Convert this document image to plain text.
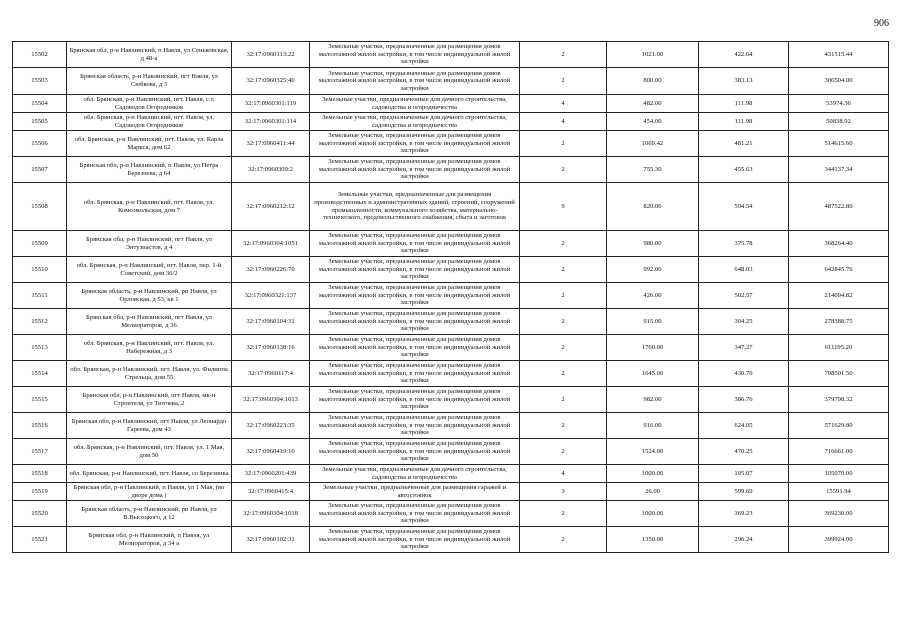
906
15502	Брянская обл, р-н Навлинский, п Навля, ул Сеньковская, д 48-а	32:17:0960113:22	Земельные участки, предназначенные для размещения домов малоэтажной жилой застройки, в том числе индивидуальной жилой застройки	2	1021.00	422.64	431515.44
15503	Брянская область, р-н Навлинский, пгт Навля, ул Сюбкова, д 3	32:17:0960325:40	Земельные участки, предназначенные для размещения домов малоэтажной жилой застройки, в том числе индивидуальной жилой застройки	2	800.00	383.13	306504.00
15504	обл. Брянская, р-н Навлинский, пгт. Навля, с.т. Садоводов Огородников	32:17:0960301:119	Земельные участки, предназначенные для дачного строительства, садоводства и огородничества	4	482.00	111.98	53974.36
15505	обл. Брянская, р-н Навлинский, пгт. Навля, ул. Садоводов Огородников	32:17:0960301:114	Земельные участки, предназначенные для дачного строительства, садоводства и огородничества	4	454.00	111.98	50838.92
15506	обл. Брянская, р-н Навлинский, пгт. Навля, ул. Карла Маркса, дом 62	32:17:0960411:44	Земельные участки, предназначенные для размещения домов малоэтажной жилой застройки, в том числе индивидуальной жилой застройки	2	1069.42	481.21	514615.60
15507	Брянская обл, р-н Навлинский, п Навля, ул Петра Березнева, д 64	32:17:0960309:2	Земельные участки, предназначенные для размещения домов малоэтажной жилой застройки, в том числе индивидуальной жилой застройки	2	755.30	455.63	344137.34
15508	обл. Брянская, р-н Навлинский, пгт. Навля, ул. Комсомольская, дом 7	32:17:0960212:12	Земельные участки, предназначенные для размещения производственных и административных зданий, строений, сооружений промышленности, коммунального хозяйства, материально-технического, продовольственного снабжения, сбыта и заготовок	9	820.00	594.54	487522.80
15509	Брянская обл, р-н Навлинский, пгт Навля, ул Энтузиастов, д 4	32:17:0960304:1051	Земельные участки, предназначенные для размещения домов малоэтажной жилой застройки, в том числе индивидуальной жилой застройки	2	980.00	375.78	368264.40
15510	обл. Брянская, р-н Навлинский, пгт. Навля, пер. 1-й Советский, дом 36/2	32:17:0960226:70	Земельные участки, предназначенные для размещения домов малоэтажной жилой застройки, в том числе индивидуальной жилой застройки	2	992.00	648.03	642845.76
15511	Брянская область, р-н Навлинский, рп Навля, ул Орловская, д 53, кв 1	32:17:0960321:137	Земельные участки, предназначенные для размещения домов малоэтажной жилой застройки, в том числе индивидуальной жилой застройки	2	426.00	502.57	214094.82
15512	Брянская обл, р-н Навлинский, пгт Навля, ул Мелиораторов, д 36	32:17:0960104:31	Земельные участки, предназначенные для размещения домов малоэтажной жилой застройки, в том числе индивидуальной жилой застройки	2	915.00	304.25	278388.75
15513	обл. Брянская, р-н Навлинский, пгт. Навля, ул. Набережная, д 3	32:17:0960138:16	Земельные участки, предназначенные для размещения домов малоэтажной жилой застройки, в том числе индивидуальной жилой застройки	2	1760.00	347.27	611195.20
15514	обл. Брянская, р-н Навлинский, пгт. Навля, ул. Филиппа Стрельца, дом 55	32:17:0960117:4	Земельные участки, предназначенные для размещения домов малоэтажной жилой застройки, в том числе индивидуальной жилой застройки	2	1645.00	430.70	708501.50
15515	Брянская обл, р-н Навлинский, пгт Навля, мк-н Строителя, ул Тютчева, 2	32:17:0960304:1013	Земельные участки, предназначенные для размещения домов малоэтажной жилой застройки, в том числе индивидуальной жилой застройки	2	982.00	386.76	379798.32
15516	Брянская обл, р-н Навлинский, пгт Навля, ул Леонардо Гареева, дом 43	32:17:0960223:35	Земельные участки, предназначенные для размещения домов малоэтажной жилой застройки, в том числе индивидуальной жилой застройки	2	916.00	624.05	571629.80
15517	обл. Брянская, р-н Навлинский, пгт. Навля, ул. 1 Мая, дом 50	32:17:0960419:10	Земельные участки, предназначенные для размещения домов малоэтажной жилой застройки, в том числе индивидуальной жилой застройки	2	1524.00	470.25	716661.00
15518	обл. Брянская, р-н Навлинский, пгт. Навля, со Березинка	32:17:0960201:439	Земельные участки, предназначенные для дачного строительства, садоводства и огородничества	4	1000.00	105.07	105070.00
15519	Брянская обл, р-н Навлинский, п Навля, ул 1 Мая, (во дворе дома )	32:17:0960415:4	Земельные участки, предназначенные для размещения гаражей и автостоянок	3	26.00	599.69	15591.94
15520	Брянская область, р-н Навлинский, рп Навля, ул В.Высоцкого, д 12	32:17:0960304:1018	Земельные участки, предназначенные для размещения домов малоэтажной жилой застройки, в том числе индивидуальной жилой застройки	2	1000.00	369.23	369230.00
15521	Брянская обл, р-н Навлинский, п Навля, ул Мелиораторов, д 34 а	32:17:0960102:31	Земельные участки, предназначенные для размещения домов малоэтажной жилой застройки, в том числе индивидуальной жилой застройки	2	1350.00	296.24	399924.00
